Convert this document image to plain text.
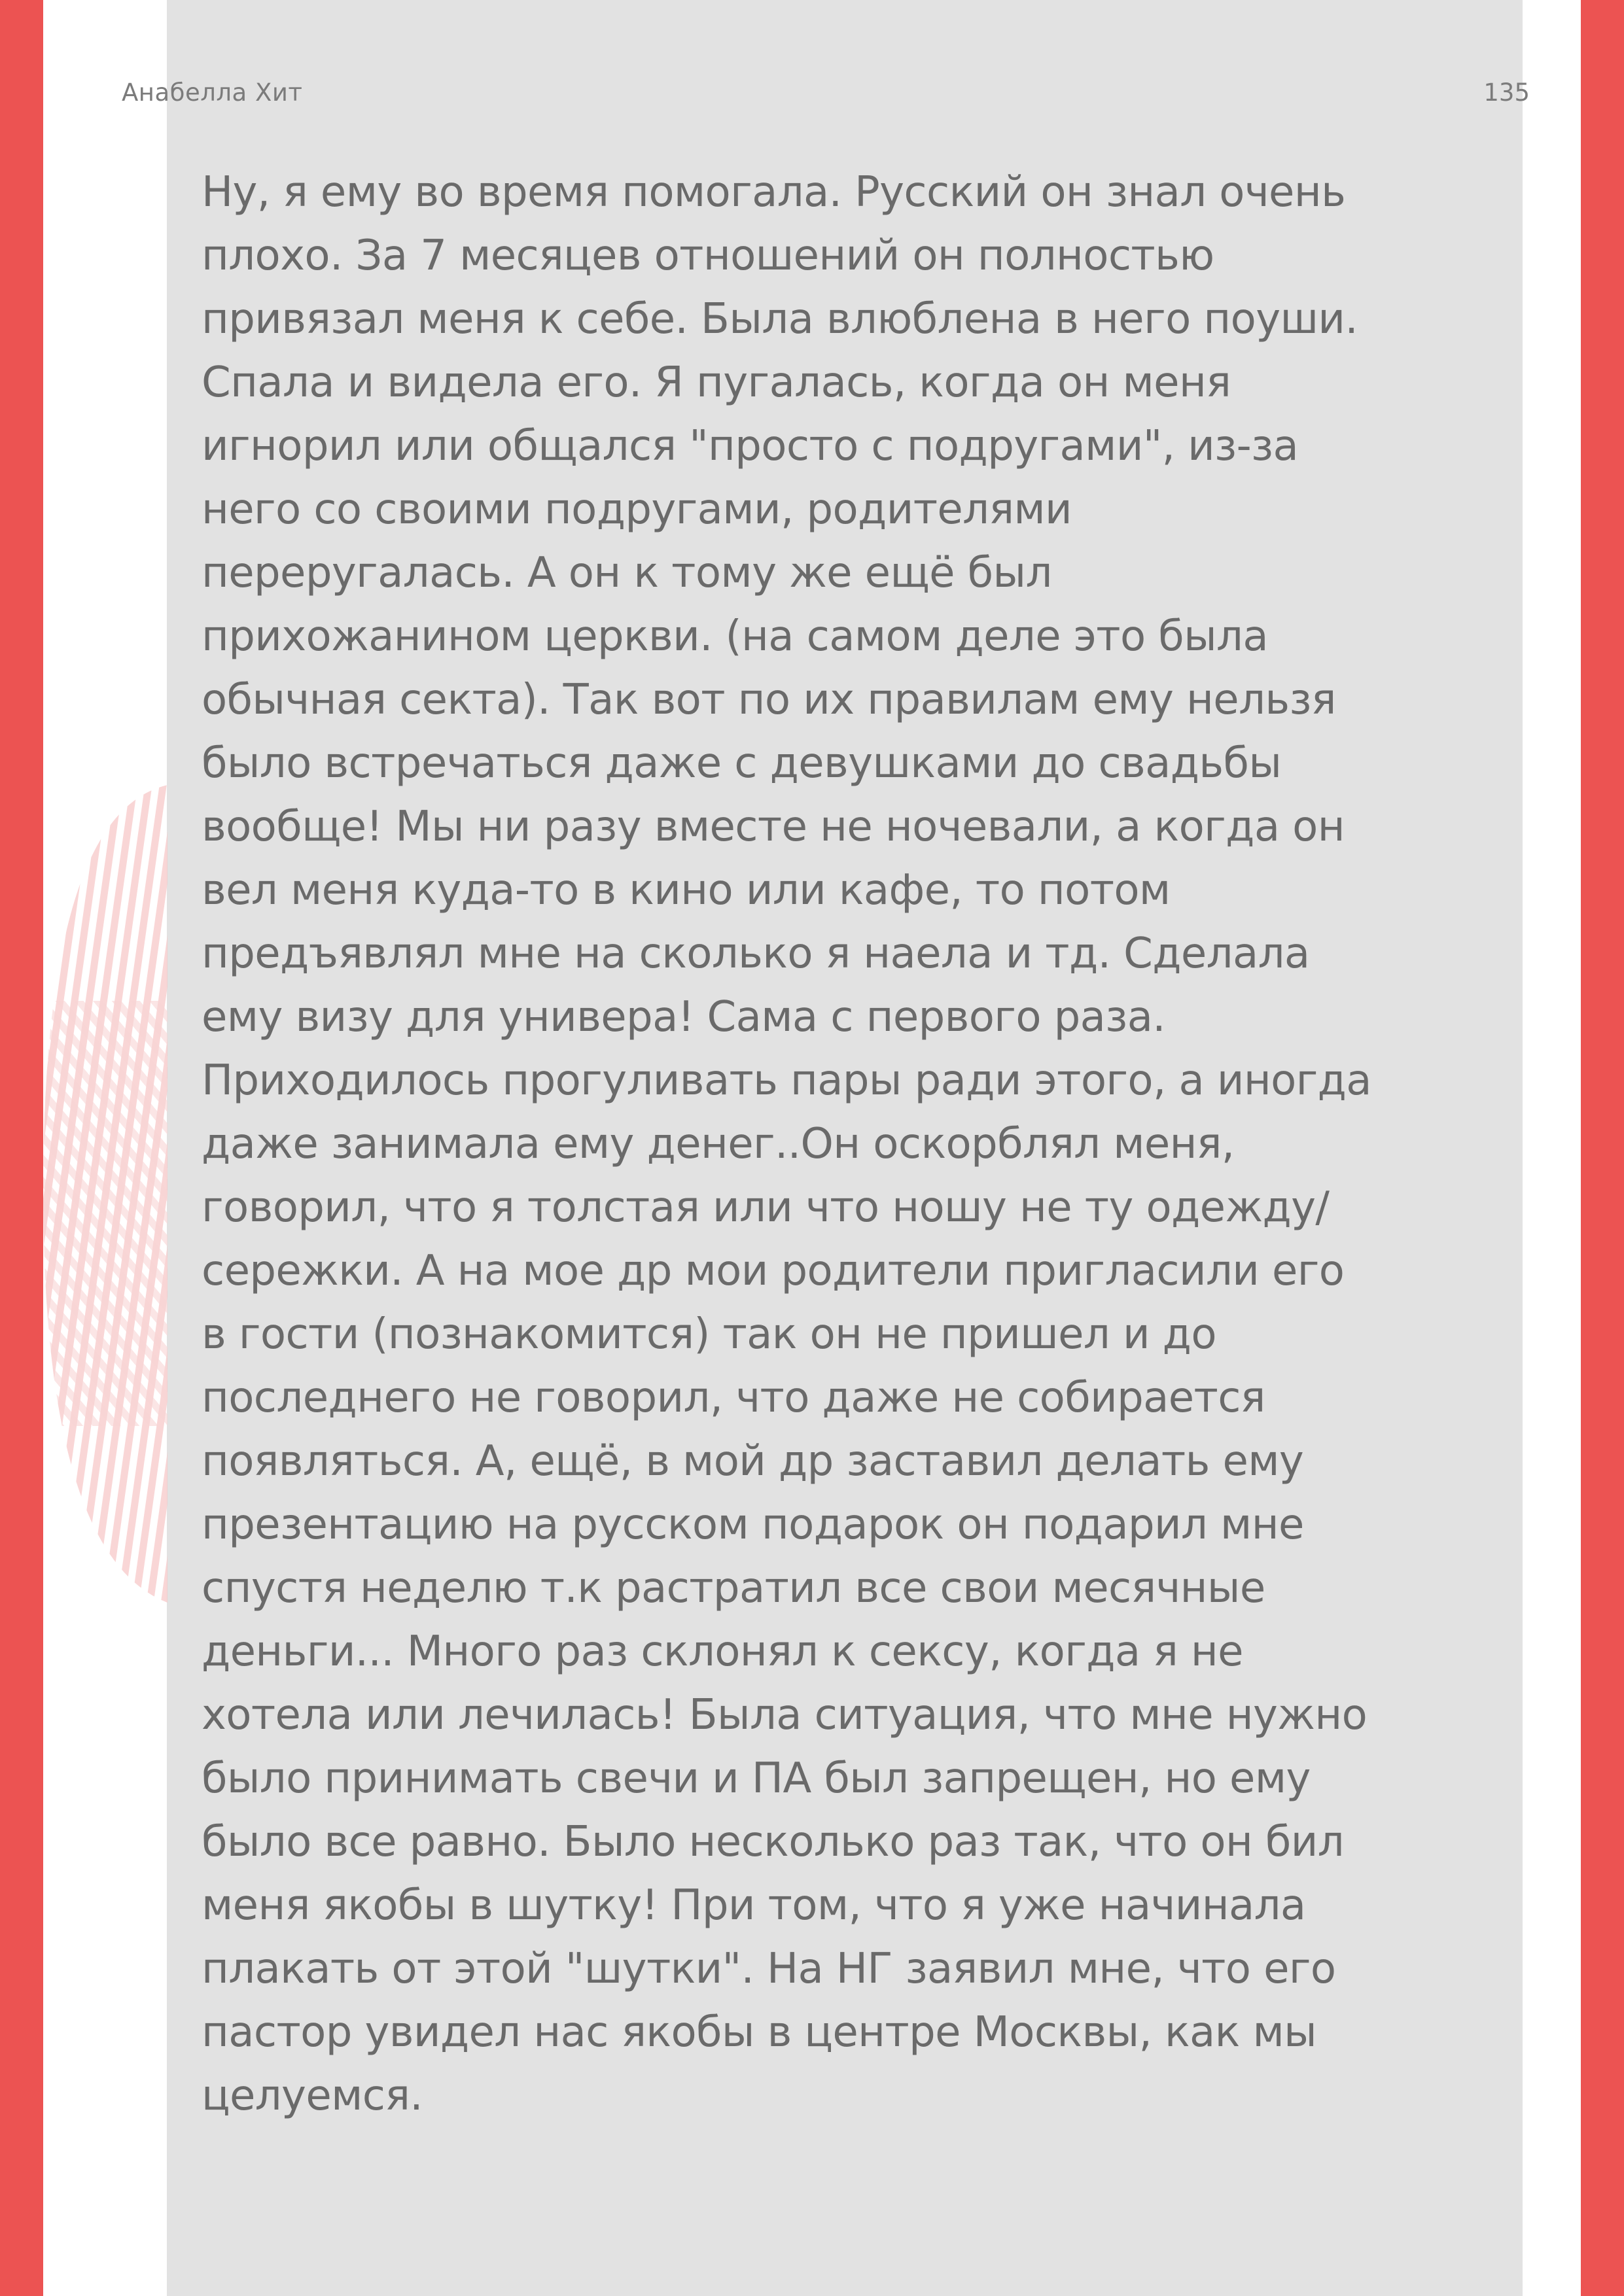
Анабелла Хит	135

Ну, я ему во время помогала. Русский он знал очень
плохо. За 7 месяцев отношений он полностью
привязал меня к себе. Была влюблена в него поуши.
Спала и видела его. Я пугалась, когда он меня
игнорил или общался "просто с подругами", из-за
него со своими подругами, родителями
переругалась. А он к тому же ещё был
прихожанином церкви. (на самом деле это была
обычная секта). Так вот по их правилам ему нельзя
было встречаться даже с девушками до свадьбы
вообще! Мы ни разу вместе не ночевали, а когда он
вел меня куда-то в кино или кафе, то потом
предъявлял мне на сколько я наела и тд. Сделала
ему визу для универа! Сама с первого раза.
Приходилось прогуливать пары ради этого, а иногда
даже занимала ему денег..Он оскорблял меня,
говорил, что я толстая или что ношу не ту одежду/
сережки. А на мое др мои родители пригласили его
в гости (познакомится) так он не пришел и до
последнего не говорил, что даже не собирается
появляться. А, ещё, в мой др заставил делать ему
презентацию на русском подарок он подарил мне
спустя неделю т.к растратил все свои месячные
деньги... Много раз склонял к сексу, когда я не
хотела или лечилась! Была ситуация, что мне нужно
было принимать свечи и ПА был запрещен, но ему
было все равно. Было несколько раз так, что он бил
меня якобы в шутку! При том, что я уже начинала
плакать от этой "шутки". На НГ заявил мне, что его
пастор увидел нас якобы в центре Москвы, как мы
целуемся.
